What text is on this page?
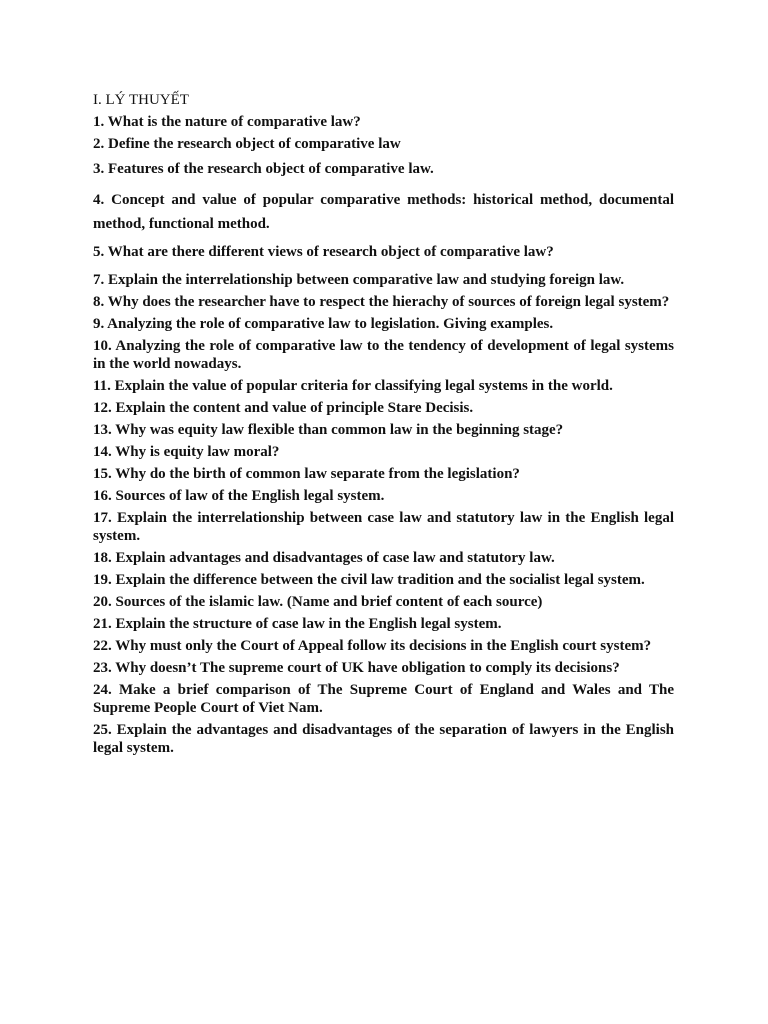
I. LÝ THUYẾT
1. What is the nature of comparative law?
2. Define the research object of comparative law
3. Features of the research object of comparative law.
4. Concept and value of popular comparative methods: historical method, documental method, functional method.
5. What are there different views of research object of comparative law?
7. Explain the interrelationship between comparative law and studying foreign law.
8. Why does the researcher have to respect the hierachy of sources of foreign legal system?
9. Analyzing the role of comparative law to legislation. Giving examples.
10. Analyzing the role of comparative law to the tendency of development of legal systems in the world nowadays.
11. Explain the value of popular criteria for classifying legal systems in the world.
12. Explain the content and value of principle Stare Decisis.
13. Why was equity law flexible than common law in the beginning stage?
14. Why is equity law moral?
15. Why do the birth of common law separate from the legislation?
16. Sources of law of the English legal system.
17. Explain the interrelationship between case law and statutory law in the English legal system.
18. Explain advantages and disadvantages of case law and statutory law.
19. Explain the difference between the civil law tradition and the socialist legal system.
20. Sources of the islamic law. (Name and brief content of each source)
21. Explain the structure of case law in the English legal system.
22. Why must only the Court of Appeal follow its decisions in the English court system?
23. Why doesn’t The supreme court of UK have obligation to comply its decisions?
24. Make a brief comparison of The Supreme Court of England and Wales and The Supreme People Court of Viet Nam.
25. Explain the advantages and disadvantages of the separation of lawyers in the English legal system.
